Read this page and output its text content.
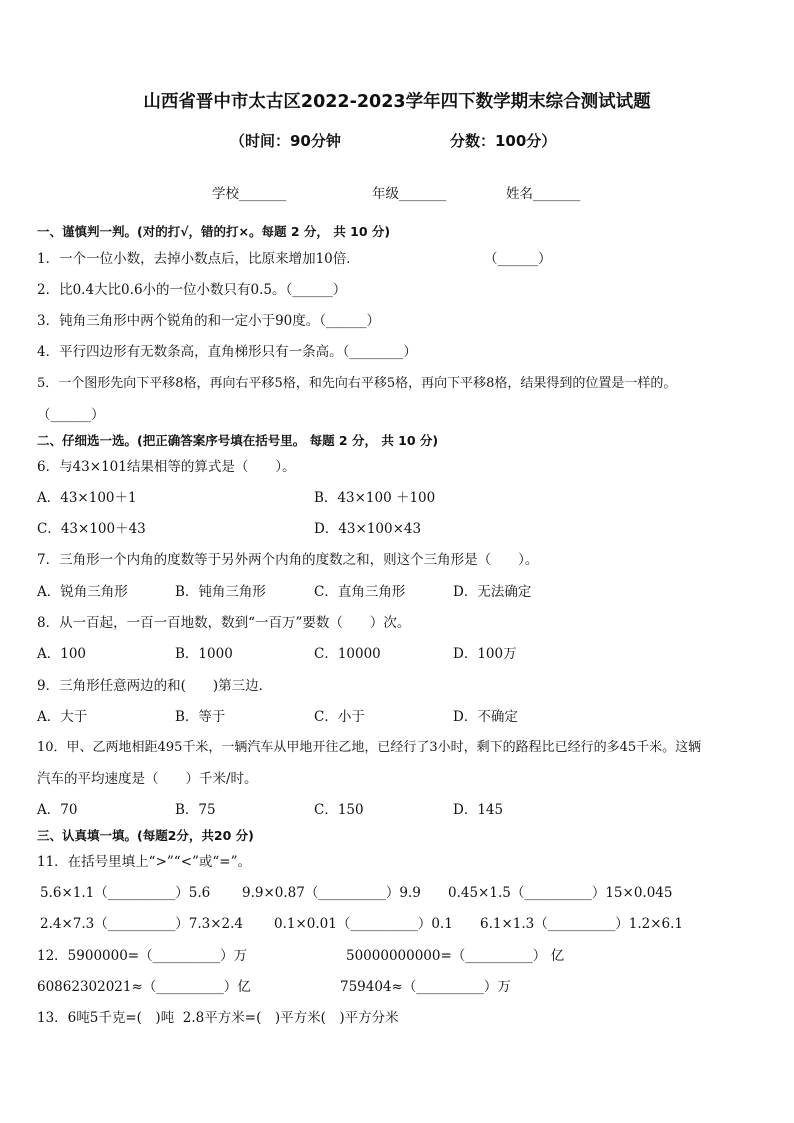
山西省晋中市太古区2022-2023学年四下数学期末综合测试试题
（时间：90分钟	分数：100分）
学校_______	年级_______	姓名_______
一、谨慎判一判。(对的打√，错的打×。每题 2 分， 共 10 分)
1．一个一位小数，去掉小数点后，比原来增加10倍．	（______）
2．比0.4大比0.6小的一位小数只有0.5。（______）
3．钝角三角形中两个锐角的和一定小于90度。（______）
4．平行四边形有无数条高，直角梯形只有一条高。（________）
5．一个图形先向下平移8格，再向右平移5格，和先向右平移5格，再向下平移8格，结果得到的位置是一样的。
（______）
二、仔细选一选。(把正确答案序号填在括号里。 每题 2 分， 共 10 分)
6．与43×101结果相等的算式是（　　）。
A．43×100＋1	B．43×100 ＋100
C．43×100＋43	D．43×100×43
7．三角形一个内角的度数等于另外两个内角的度数之和，则这个三角形是（　　）。
A．锐角三角形	B．钝角三角形	C．直角三角形	D．无法确定
8．从一百起，一百一百地数，数到“一百万”要数（　　）次。
A．100	B．1000	C．10000	D．100万
9．三角形任意两边的和(　　)第三边．
A．大于	B．等于	C．小于	D．不确定
10．甲、乙两地相距495千米，一辆汽车从甲地开往乙地，已经行了3小时，剩下的路程比已经行的多45千米。这辆
汽车的平均速度是（　　）千米/时。
A．70	B．75	C．150	D．145
三、认真填一填。(每题2分，共20 分)
11．在括号里填上“>”“<”或“=”。
5.6×1.1（__________）5.6 9.9×0.87（__________）9.9 0.45×1.5（__________）15×0.045
2.4×7.3（__________）7.3×2.4 0.1×0.01（__________）0.1 6.1×1.3（__________）1.2×6.1
12．5900000=（__________）万	50000000000=（__________） 亿
60862302021≈（__________）亿	759404≈（__________）万
13．6吨5千克=(　)吨  2.8平方米=(　)平方米(　)平方分米
